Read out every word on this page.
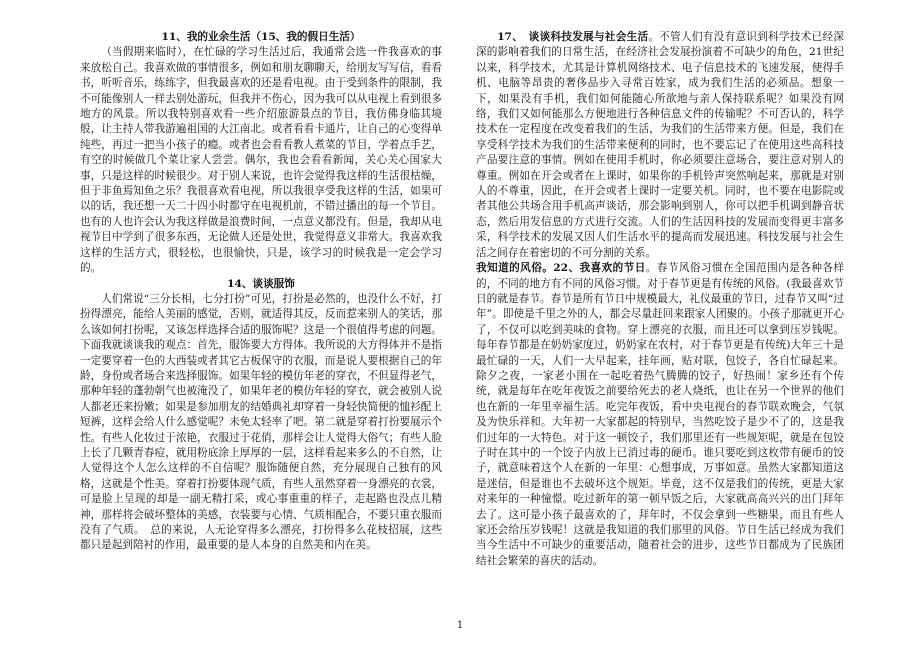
11、我的业余生活（15、我的假日生活）

（当假期来临时），在忙碌的学习生活过后，我通常会选一件我喜欢的事来放松自己。我喜欢做的事情很多，例如和朋友聊聊天，给朋友写写信，看看书，听听音乐，练练字，但我最喜欢的还是看电视。由于受到条件的限制，我不可能像别人一样去别处游玩，但我并不伤心，因为我可以从电视上看到很多地方的风景。所以我特别喜欢看一些介绍旅游景点的节目，我仿佛身临其境般，让主持人带我游遍祖国的大江南北。或者看看卡通片，让自己的心变得单纯些，再过一把当小孩子的瘾。或者也会看看教人煮菜的节目，学着点手艺，有空的时候做几个菜让家人尝尝。偶尔，我也会看看新闻，关心关心国家大事，只是这样的时候很少。对于别人来说，也许会觉得我这样的生活很枯燥，但于非鱼焉知鱼之乐？我很喜欢看电视，所以我很享受我这样的生活，如果可以的话，我还想一天二十四小时都守在电视机前，不错过播出的每一个节目。也有的人也许会认为我这样做是浪费时间，一点意义都没有。但是，我却从电视节目中学到了很多东西，无论做人还是处世，我觉得意义非常大。我喜欢我这样的生活方式，很轻松，也很愉快，只是，该学习的时候我是一定会学习的。

14、谈谈服饰

人们常说“三分长相，七分打扮”可见，打扮是必然的，也没什么不好，打扮得漂亮，能给人美丽的感觉，否则，就适得其反，反而惹来别人的笑话，那么该如何打扮呢，又该怎样选择合适的服饰呢？这是一个很值得考虑的问题。下面我就谈谈我的观点：首先，服饰要大方得体。我所说的大方得体并不是指一定要穿着一色的大西装或者其它古板保守的衣服，而是说人要根据自己的年龄，身份或者场合来选择服饰。如果年轻的模仿年老的穿衣，不但显得老气，那种年轻的蓬勃朝气也被淹没了，如果年老的模仿年轻的穿衣，就会被别人说人都老还来扮嫩；如果是参加朋友的结婚典礼却穿着一身轻快简便的恤衫配上短裤，这样会给人什么感觉呢？未免太轻率了吧。第二就是穿着打扮要展示个性。有些人化妆过于浓艳，衣服过于花俏，那样会让人觉得大俗气；有些人脸上长了几颗青春痘，就用粉底涂上厚厚的一层，这样看起来多么的不自然，让人觉得这个人怎么这样的不自信呢？服饰随便自然，充分展现自己独有的风格，这就是个性美。穿着打扮要体现气质，有些人虽然穿着一身漂亮的衣裳，可是脸上呈现的却是一副无精打采，或心事重重的样子，走起路也没点儿精神，那样将会破坏整体的美感，衣装要与心情、气质相配合，不要只重衣服而没有了气质。　总的来说，人无论穿得多么漂亮，打扮得多么花枝招展，这些都只是起到陪衬的作用，最重要的是人本身的自然美和内在美。

17、　谈谈科技发展与社会生活。不管人们有没有意识到科学技术已经深深的影响着我们的日常生活，在经济社会发展扮演着不可缺少的角色，21世纪以来，科学技术，尤其是计算机网络技术、电子信息技术的飞速发展，使得手机、电脑等昂贵的奢侈品步入寻常百姓家，成为我们生活的必须品。想象一下，如果没有手机，我们如何能随心所欲地与亲人保持联系呢？如果没有网络，我们又如何能那么方便地进行各种信息文件的传输呢？不可否认的，科学技术在一定程度在改变着我们的生活，为我们的生活带来方便。但是，我们在享受科学技术为我们的生活带来便利的同时，也不要忘记了在使用这些高科技产品要注意的事情。例如在使用手机时，你必须要注意场合，要注意对别人的尊重。例如在开会或者在上课时，如果你的手机铃声突然响起来，那就是对别人的不尊重，因此，在开会或者上课时一定要关机。同时，也不要在电影院或者其他公共场合用手机高声谈话，那会影响到别人，你可以把手机调到静音状态，然后用发信息的方式进行交流。人们的生活因科技的发展而变得更丰富多采，科学技术的发展又因人们生活水平的提高而发展迅速。科技发展与社会生活之间存在着密切的不可分割的关系。

我知道的风俗。22、我喜欢的节日。春节风俗习惯在全国范围内是各种各样的，不同的地方有不同的风俗习惯。对于春节更是有传统的风俗。(我最喜欢节日的就是春节。春节是所有节日中规模最大，礼仪最重的节日，过春节又叫“过年”。即使是千里之外的人，都会尽量赶回来跟家人团聚的。小孩子那就更开心了，不仅可以吃到美味的食物。穿上漂亮的衣服，而且还可以拿到压岁钱呢。每年春节都是在奶奶家度过，奶奶家在农村，对于春节更是有传统)大年三十是最忙碌的一天，人们一大早起来，挂年画，贴对联，包饺子，各自忙碌起来。除夕之夜，一家老小围在一起吃着热气腾腾的饺子，好热闹！家乡还有个传统，就是每年在吃年夜饭之前要给死去的老人烧纸，也让在另一个世界的他们也在新的一年里幸福生活。吃完年夜饭，看中央电视台的春节联欢晚会，气氛及为快乐祥和。大年初一大家都起的特别早，当然吃饺子是少不了的，这是我们过年的一大特色。对于这一顿饺子，我们那里还有一些规矩呢，就是在包饺子时在其中的一个饺子内放上已消过毒的硬币。谁只要吃到这枚带有硬币的饺子，就意味着这个人在新的一年里：心想事成，万事如意。虽然大家都知道这是迷信，但是谁也不去破坏这个规矩。毕竟，这不仅是我们的传统，更是大家对来年的一种憧憬。吃过新年的第一顿早饭之后，大家就高高兴兴的出门拜年去了。这可是小孩子最喜欢的了，拜年时，不仅会拿到一些糖果，而且有些人家还会给压岁钱呢！这就是我知道的我们那里的风俗。节日生活已经成为我们当今生活中不可缺少的重要活动，随着社会的进步，这些节日都成为了民族团结社会繁荣的喜庆的活动。

1
